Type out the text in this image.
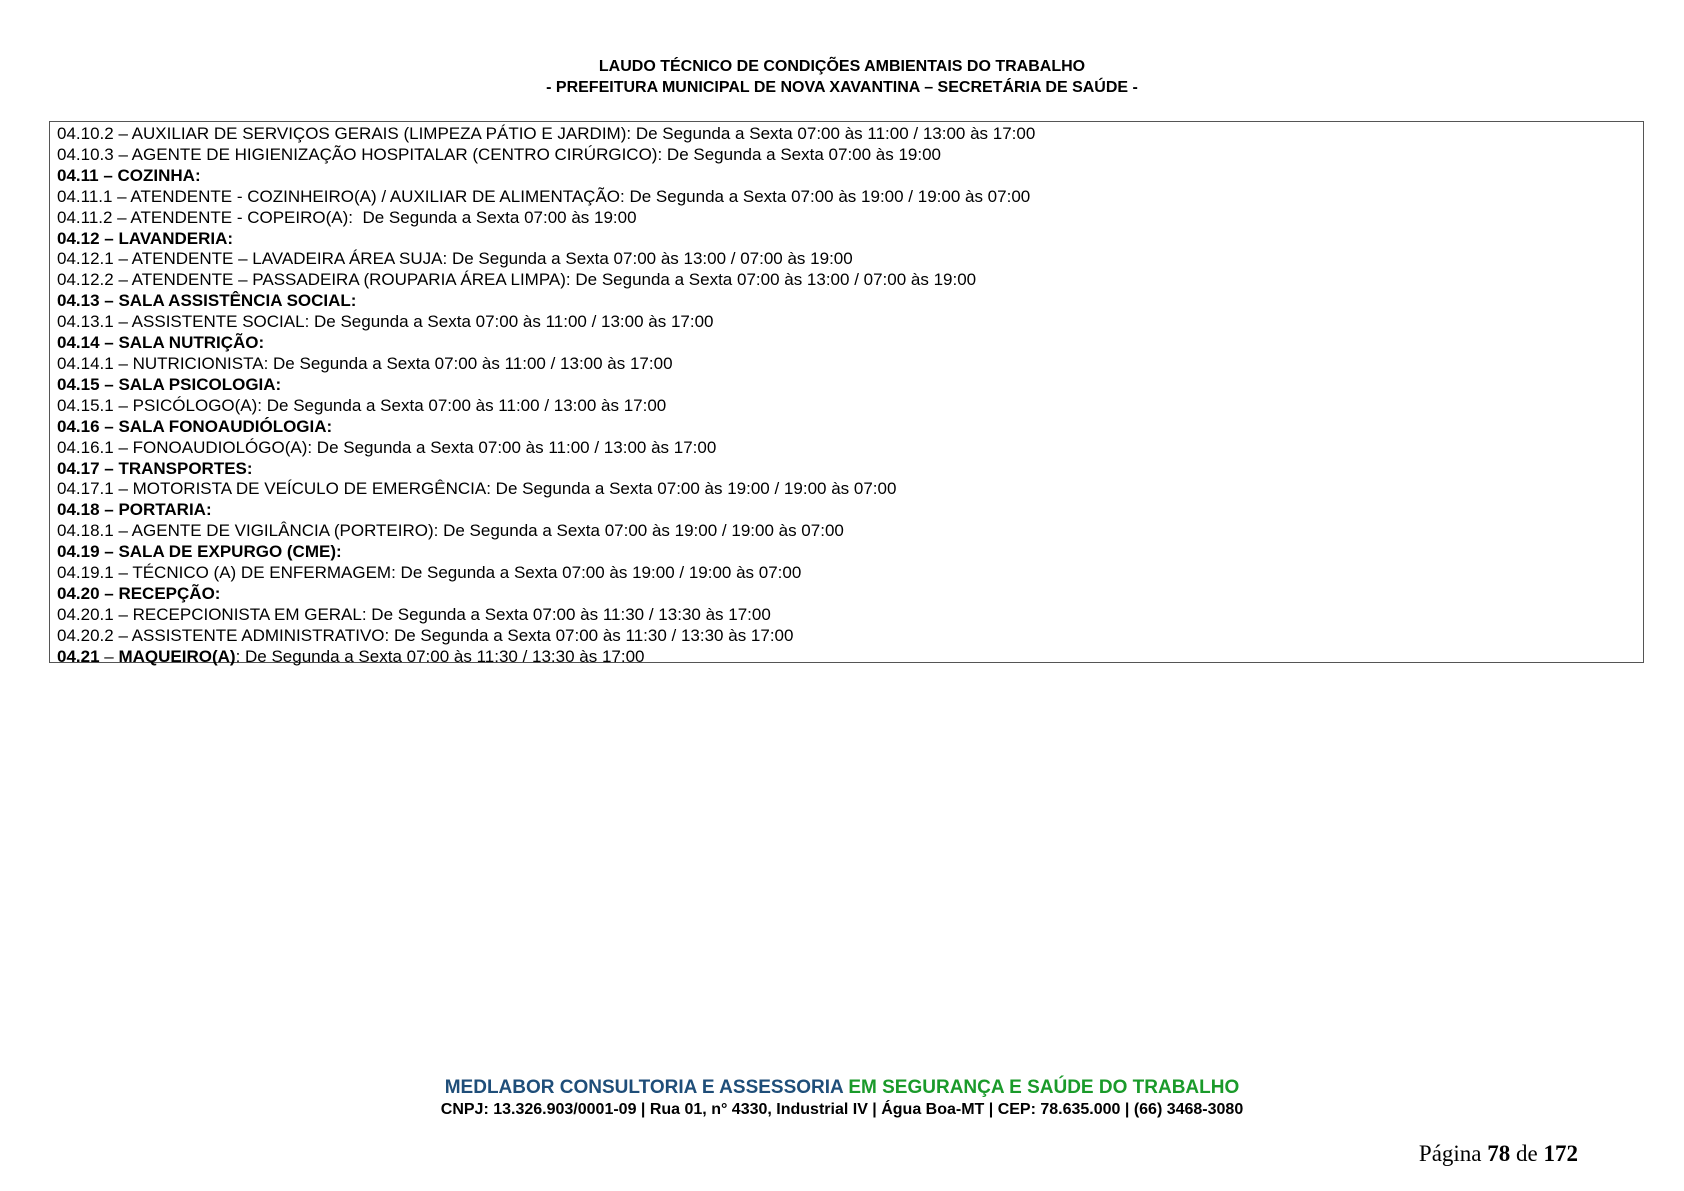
LAUDO TÉCNICO DE CONDIÇÕES AMBIENTAIS DO TRABALHO
- PREFEITURA MUNICIPAL DE NOVA XAVANTINA – SECRETÁRIA DE SAÚDE -
04.10.2 – AUXILIAR DE SERVIÇOS GERAIS (LIMPEZA PÁTIO E JARDIM): De Segunda a Sexta 07:00 às 11:00 / 13:00 às 17:00
04.10.3 – AGENTE DE HIGIENIZAÇÃO HOSPITALAR (CENTRO CIRÚRGICO): De Segunda a Sexta 07:00 às 19:00
04.11 – COZINHA:
04.11.1 – ATENDENTE - COZINHEIRO(A) / AUXILIAR DE ALIMENTAÇÃO: De Segunda a Sexta 07:00 às 19:00 / 19:00 às 07:00
04.11.2 – ATENDENTE - COPEIRO(A):  De Segunda a Sexta 07:00 às 19:00
04.12 – LAVANDERIA:
04.12.1 – ATENDENTE – LAVADEIRA ÁREA SUJA: De Segunda a Sexta 07:00 às 13:00 / 07:00 às 19:00
04.12.2 – ATENDENTE – PASSADEIRA (ROUPARIA ÁREA LIMPA): De Segunda a Sexta 07:00 às 13:00 / 07:00 às 19:00
04.13 – SALA ASSISTÊNCIA SOCIAL:
04.13.1 – ASSISTENTE SOCIAL: De Segunda a Sexta 07:00 às 11:00 / 13:00 às 17:00
04.14 – SALA NUTRIÇÃO:
04.14.1 – NUTRICIONISTA: De Segunda a Sexta 07:00 às 11:00 / 13:00 às 17:00
04.15 – SALA PSICOLOGIA:
04.15.1 – PSICÓLOGO(A): De Segunda a Sexta 07:00 às 11:00 / 13:00 às 17:00
04.16 – SALA FONOAUDIÓLOGIA:
04.16.1 – FONOAUDIOLÓGO(A): De Segunda a Sexta 07:00 às 11:00 / 13:00 às 17:00
04.17 – TRANSPORTES:
04.17.1 – MOTORISTA DE VEÍCULO DE EMERGÊNCIA: De Segunda a Sexta 07:00 às 19:00 / 19:00 às 07:00
04.18 – PORTARIA:
04.18.1 – AGENTE DE VIGILÂNCIA (PORTEIRO): De Segunda a Sexta 07:00 às 19:00 / 19:00 às 07:00
04.19 – SALA DE EXPURGO (CME):
04.19.1 – TÉCNICO (A) DE ENFERMAGEM: De Segunda a Sexta 07:00 às 19:00 / 19:00 às 07:00
04.20 – RECEPÇÃO:
04.20.1 – RECEPCIONISTA EM GERAL: De Segunda a Sexta 07:00 às 11:30 / 13:30 às 17:00
04.20.2 – ASSISTENTE ADMINISTRATIVO: De Segunda a Sexta 07:00 às 11:30 / 13:30 às 17:00
04.21 – MAQUEIRO(A): De Segunda a Sexta 07:00 às 11:30 / 13:30 às 17:00
MEDLABOR CONSULTORIA E ASSESSORIA EM SEGURANÇA E SAÚDE DO TRABALHO
CNPJ: 13.326.903/0001-09 | Rua 01, n° 4330, Industrial IV | Água Boa-MT | CEP: 78.635.000 | (66) 3468-3080
Página 78 de 172
